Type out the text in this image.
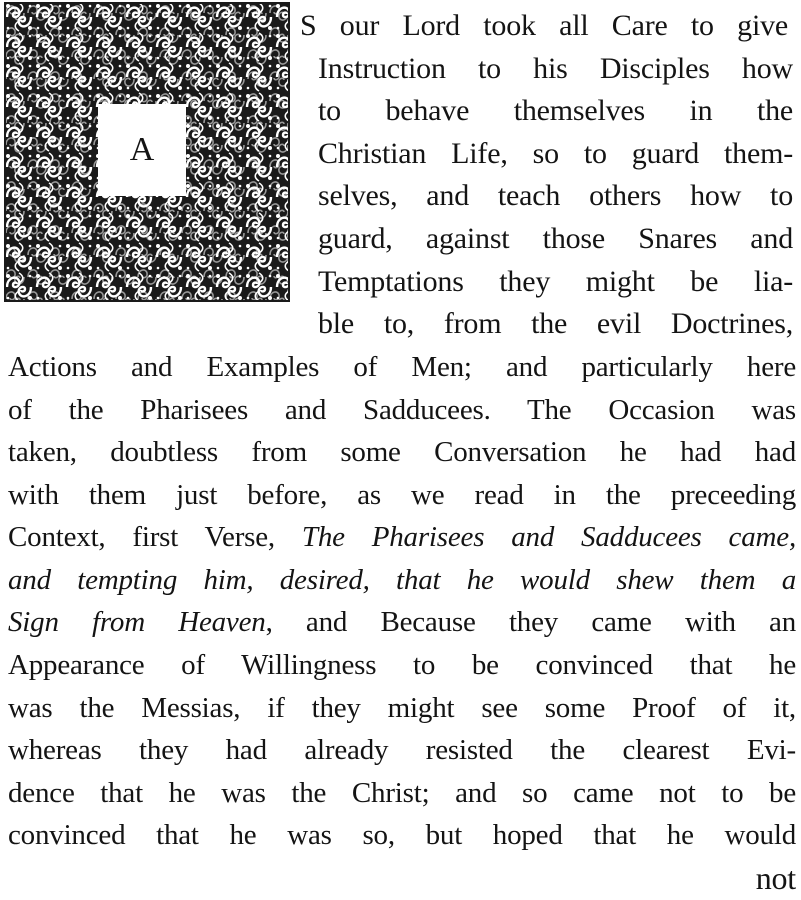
A
S our Lord took all Care to give
Instruction to his Disciples how
to behave themselves in the
Christian Life, so to guard them-
selves, and teach others how to
guard, against those Snares and
Temptations they might be lia-
ble to, from the evil Doctrines,
Actions and Examples of Men; and particularly here
of the Pharisees and Sadducees. The Occasion was
taken, doubtless from some Conversation he had had
with them just before, as we read in the preceeding
Context, first Verse, The Pharisees and Sadducees came,
and tempting him, desired, that he would shew them a
Sign from Heaven, and Because they came with an
Appearance of Willingness to be convinced that he
was the Messias, if they might see some Proof of it,
whereas they had already resisted the clearest Evi-
dence that he was the Christ; and so came not to be
convinced that he was so, but hoped that he would
not
